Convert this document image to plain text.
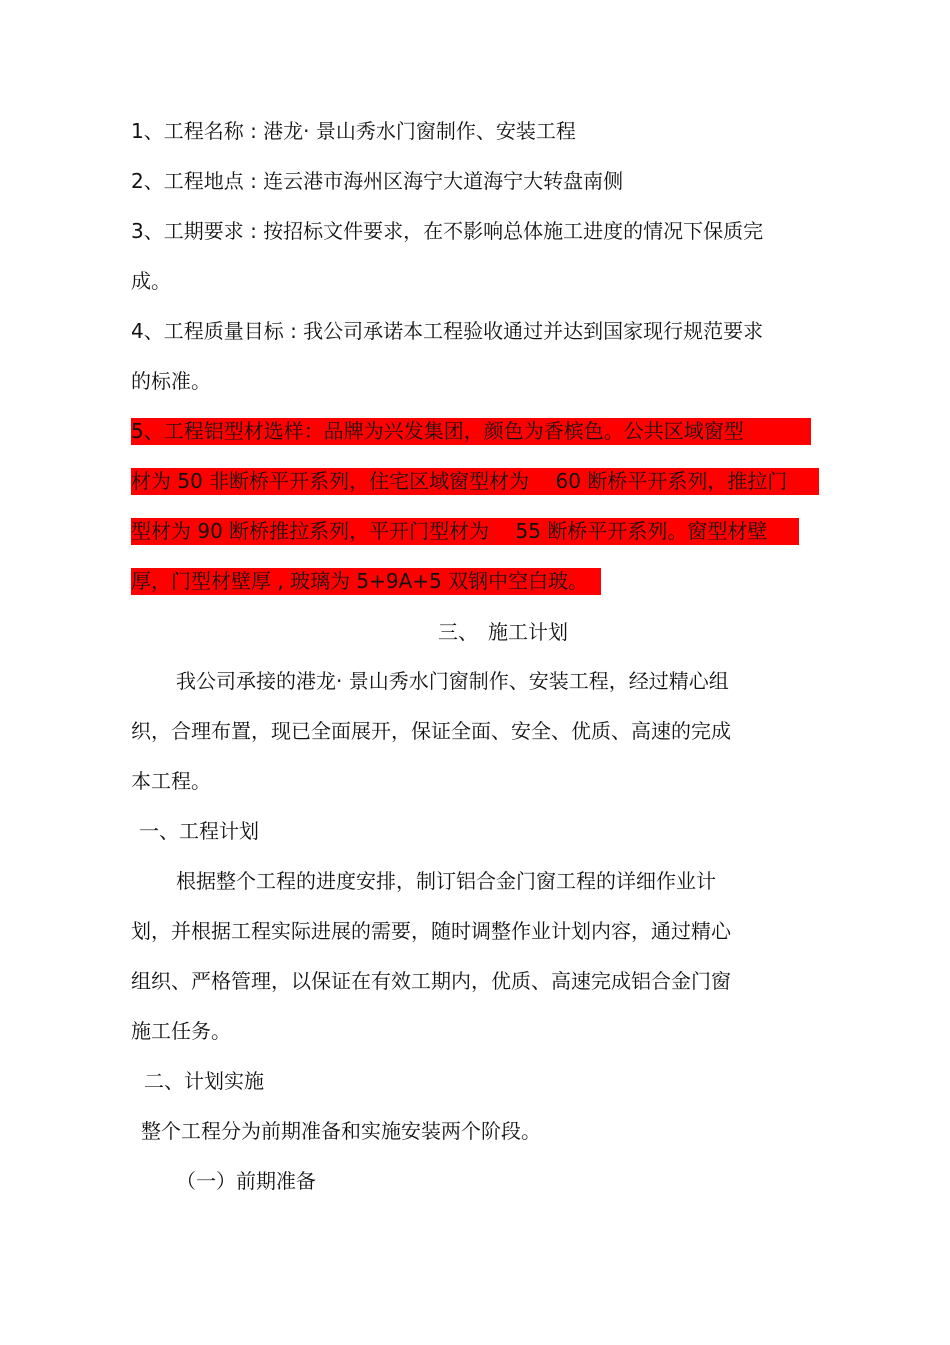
1、工程名称 : 港龙· 景山秀水门窗制作、安装工程
2、工程地点 : 连云港市海州区海宁大道海宁大转盘南侧
3、工期要求 : 按招标文件要求，在不影响总体施工进度的情况下保质完
成。
4、工程质量目标 : 我公司承诺本工程验收通过并达到国家现行规范要求
的标准。
5、工程铝型材选样：品牌为兴发集团，颜色为香槟色。公共区域窗型
材为 50 非断桥平开系列，住宅区域窗型材为　 60 断桥平开系列，推拉门
型材为 90 断桥推拉系列，平开门型材为　 55 断桥平开系列。窗型材壁
厚，门型材壁厚 , 玻璃为 5+9A+5 双钢中空白玻。
三、　施工计划
我公司承接的港龙· 景山秀水门窗制作、安装工程，经过精心组
织，合理布置，现已全面展开，保证全面、安全、优质、高速的完成
本工程。
一、工程计划
根据整个工程的进度安排，制订铝合金门窗工程的详细作业计
划，并根据工程实际进展的需要，随时调整作业计划内容，通过精心
组织、严格管理，以保证在有效工期内，优质、高速完成铝合金门窗
施工任务。
二、计划实施
整个工程分为前期准备和实施安装两个阶段。
（一）前期准备
